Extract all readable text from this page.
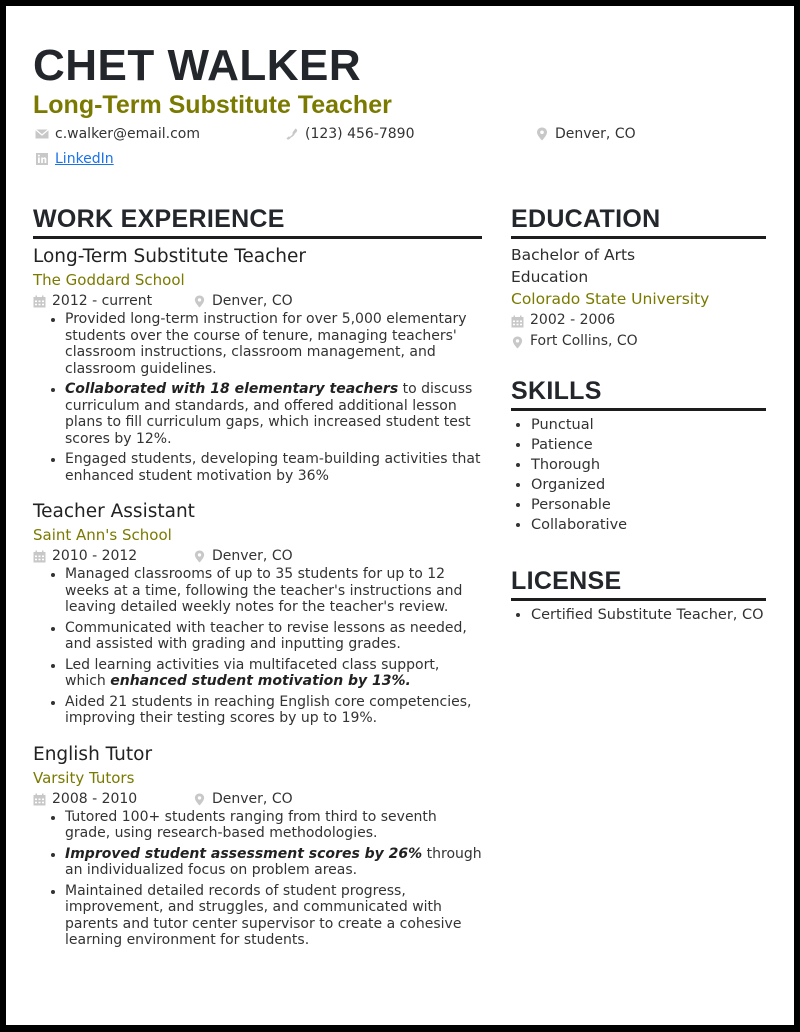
CHET WALKER
Long-Term Substitute Teacher
c.walker@email.com	(123) 456-7890	Denver, CO
LinkedIn
WORK EXPERIENCE
Long-Term Substitute Teacher
The Goddard School
2012 - current	Denver, CO
• Provided long-term instruction for over 5,000 elementary students over the course of tenure, managing teachers' classroom instructions, classroom management, and classroom guidelines.
• Collaborated with 18 elementary teachers to discuss curriculum and standards, and offered additional lesson plans to fill curriculum gaps, which increased student test scores by 12%.
• Engaged students, developing team-building activities that enhanced student motivation by 36%
Teacher Assistant
Saint Ann's School
2010 - 2012	Denver, CO
• Managed classrooms of up to 35 students for up to 12 weeks at a time, following the teacher's instructions and leaving detailed weekly notes for the teacher's review.
• Communicated with teacher to revise lessons as needed, and assisted with grading and inputting grades.
• Led learning activities via multifaceted class support, which enhanced student motivation by 13%.
• Aided 21 students in reaching English core competencies, improving their testing scores by up to 19%.
English Tutor
Varsity Tutors
2008 - 2010	Denver, CO
• Tutored 100+ students ranging from third to seventh grade, using research-based methodologies.
• Improved student assessment scores by 26% through an individualized focus on problem areas.
• Maintained detailed records of student progress, improvement, and struggles, and communicated with parents and tutor center supervisor to create a cohesive learning environment for students.
EDUCATION
Bachelor of Arts
Education
Colorado State University
2002 - 2006
Fort Collins, CO
SKILLS
• Punctual
• Patience
• Thorough
• Organized
• Personable
• Collaborative
LICENSE
• Certified Substitute Teacher, CO
